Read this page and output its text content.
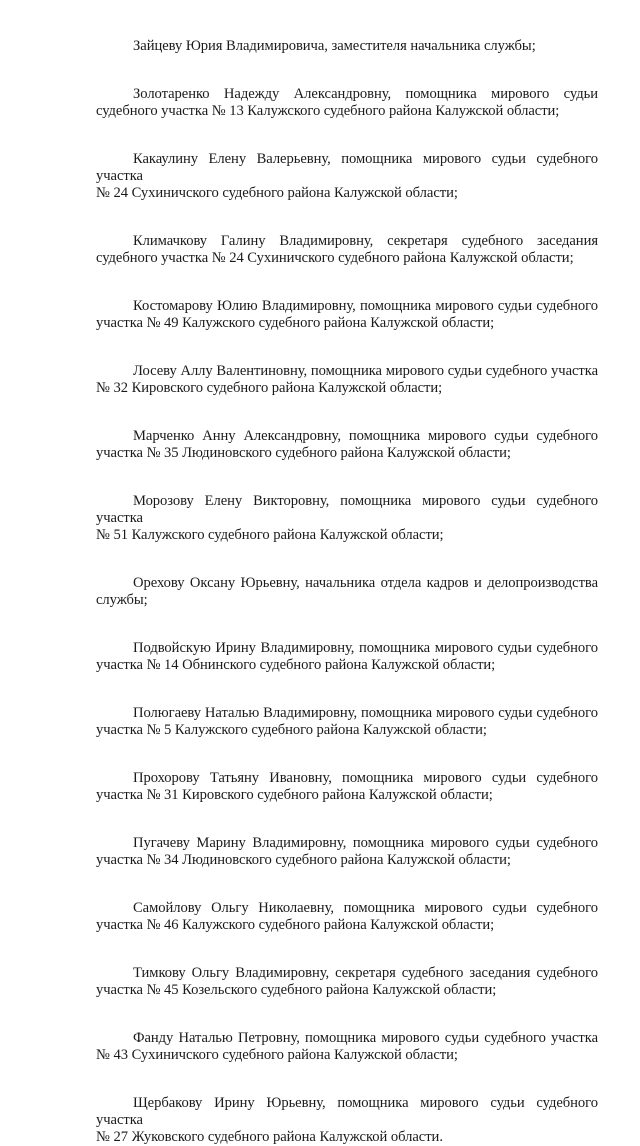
Зайцеву Юрия Владимировича, заместителя начальника службы;

Золотаренко Надежду Александровну, помощника мирового судьи
судебного участка № 13 Калужского судебного района Калужской области;

Какаулину Елену Валерьевну, помощника мирового судьи судебного участка
№ 24 Сухиничского судебного района Калужской области;

Климачкову Галину Владимировну, секретаря судебного заседания
судебного участка № 24 Сухиничского судебного района Калужской области;

Костомарову Юлию Владимировну, помощника мирового судьи судебного
участка № 49 Калужского судебного района Калужской области;

Лосеву Аллу Валентиновну, помощника мирового судьи судебного участка
№ 32 Кировского судебного района Калужской области;

Марченко Анну Александровну, помощника мирового судьи судебного
участка № 35 Людиновского судебного района Калужской области;

Морозову Елену Викторовну, помощника мирового судьи судебного участка
№ 51 Калужского судебного района Калужской области;

Орехову Оксану Юрьевну, начальника отдела кадров и делопроизводства
службы;

Подвойскую Ирину Владимировну, помощника мирового судьи судебного
участка № 14 Обнинского судебного района Калужской области;

Полюгаеву Наталью Владимировну, помощника мирового судьи судебного
участка № 5 Калужского судебного района Калужской области;

Прохорову Татьяну Ивановну, помощника мирового судьи судебного
участка № 31 Кировского судебного района Калужской области;

Пугачеву Марину Владимировну, помощника мирового судьи судебного
участка № 34 Людиновского судебного района Калужской области;

Самойлову Ольгу Николаевну, помощника мирового судьи судебного
участка № 46 Калужского судебного района Калужской области;

Тимкову Ольгу Владимировну, секретаря судебного заседания судебного
участка № 45 Козельского судебного района Калужской области;

Фанду Наталью Петровну, помощника мирового судьи судебного участка
№ 43 Сухиничского судебного района Калужской области;

Щербакову Ирину Юрьевну, помощника мирового судьи судебного участка
№ 27 Жуковского судебного района Калужской области.
